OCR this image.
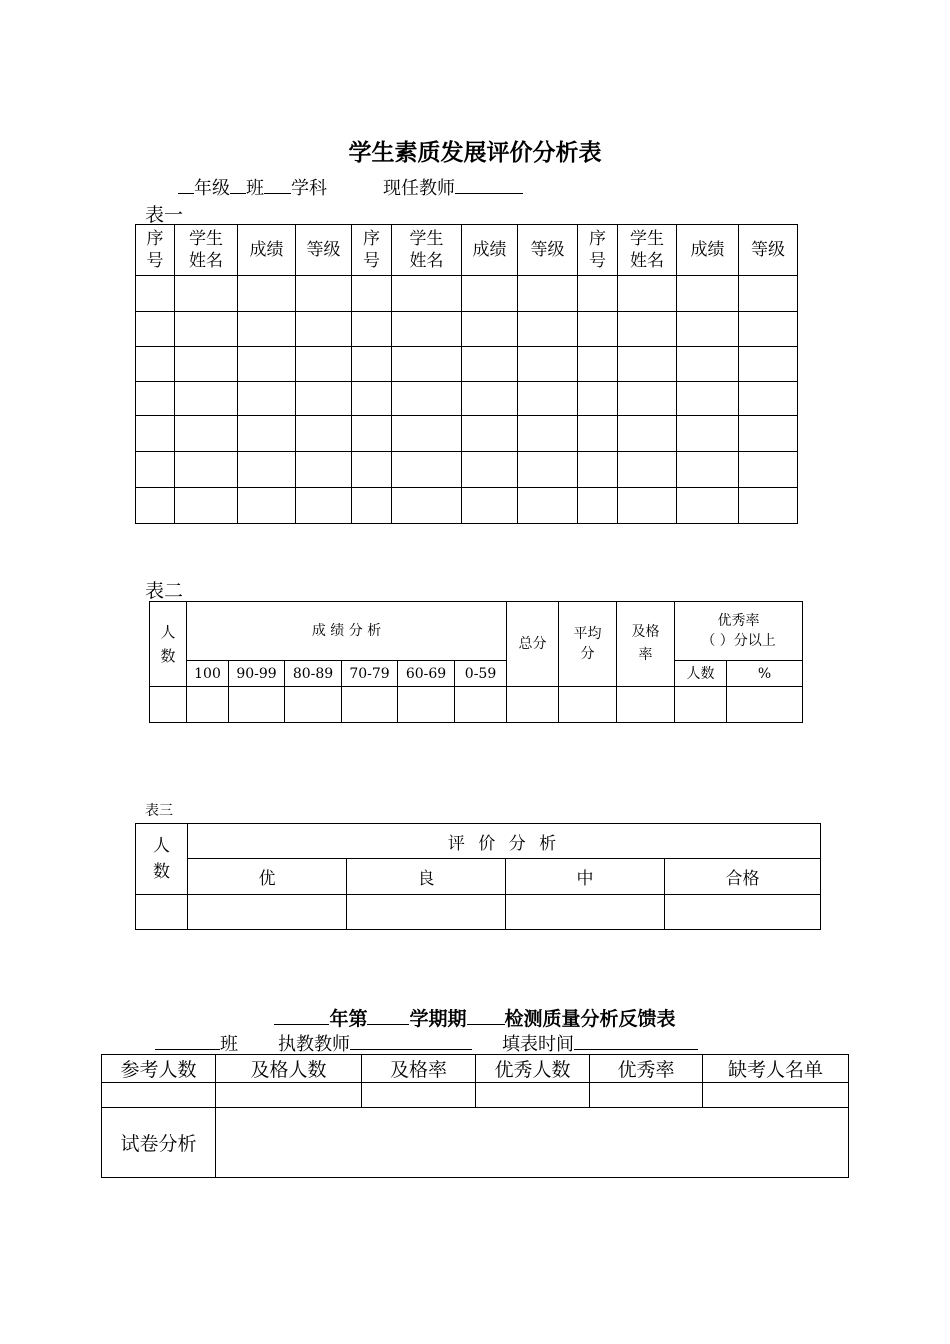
学生素质发展评价分析表
年级 班 学科	现任教师
表一
序号	学生姓名	成绩	等级	序号	学生姓名	成绩	等级	序号	学生姓名	成绩	等级

表二
人数	成 绩 分 析						总分	平均分	及格率	优秀率
（ ）分以上	

	100	90-99	80-89	70-79	60-69	0-59				人数	%

表三
人数	评 价 分 析			
	优	良	中	合格

年第 学期期 检测质量分析反馈表
班 执教教师	填表时间
参考人数	及格人数	及格率	优秀人数	优秀率	缺考人名单

试卷分析					
